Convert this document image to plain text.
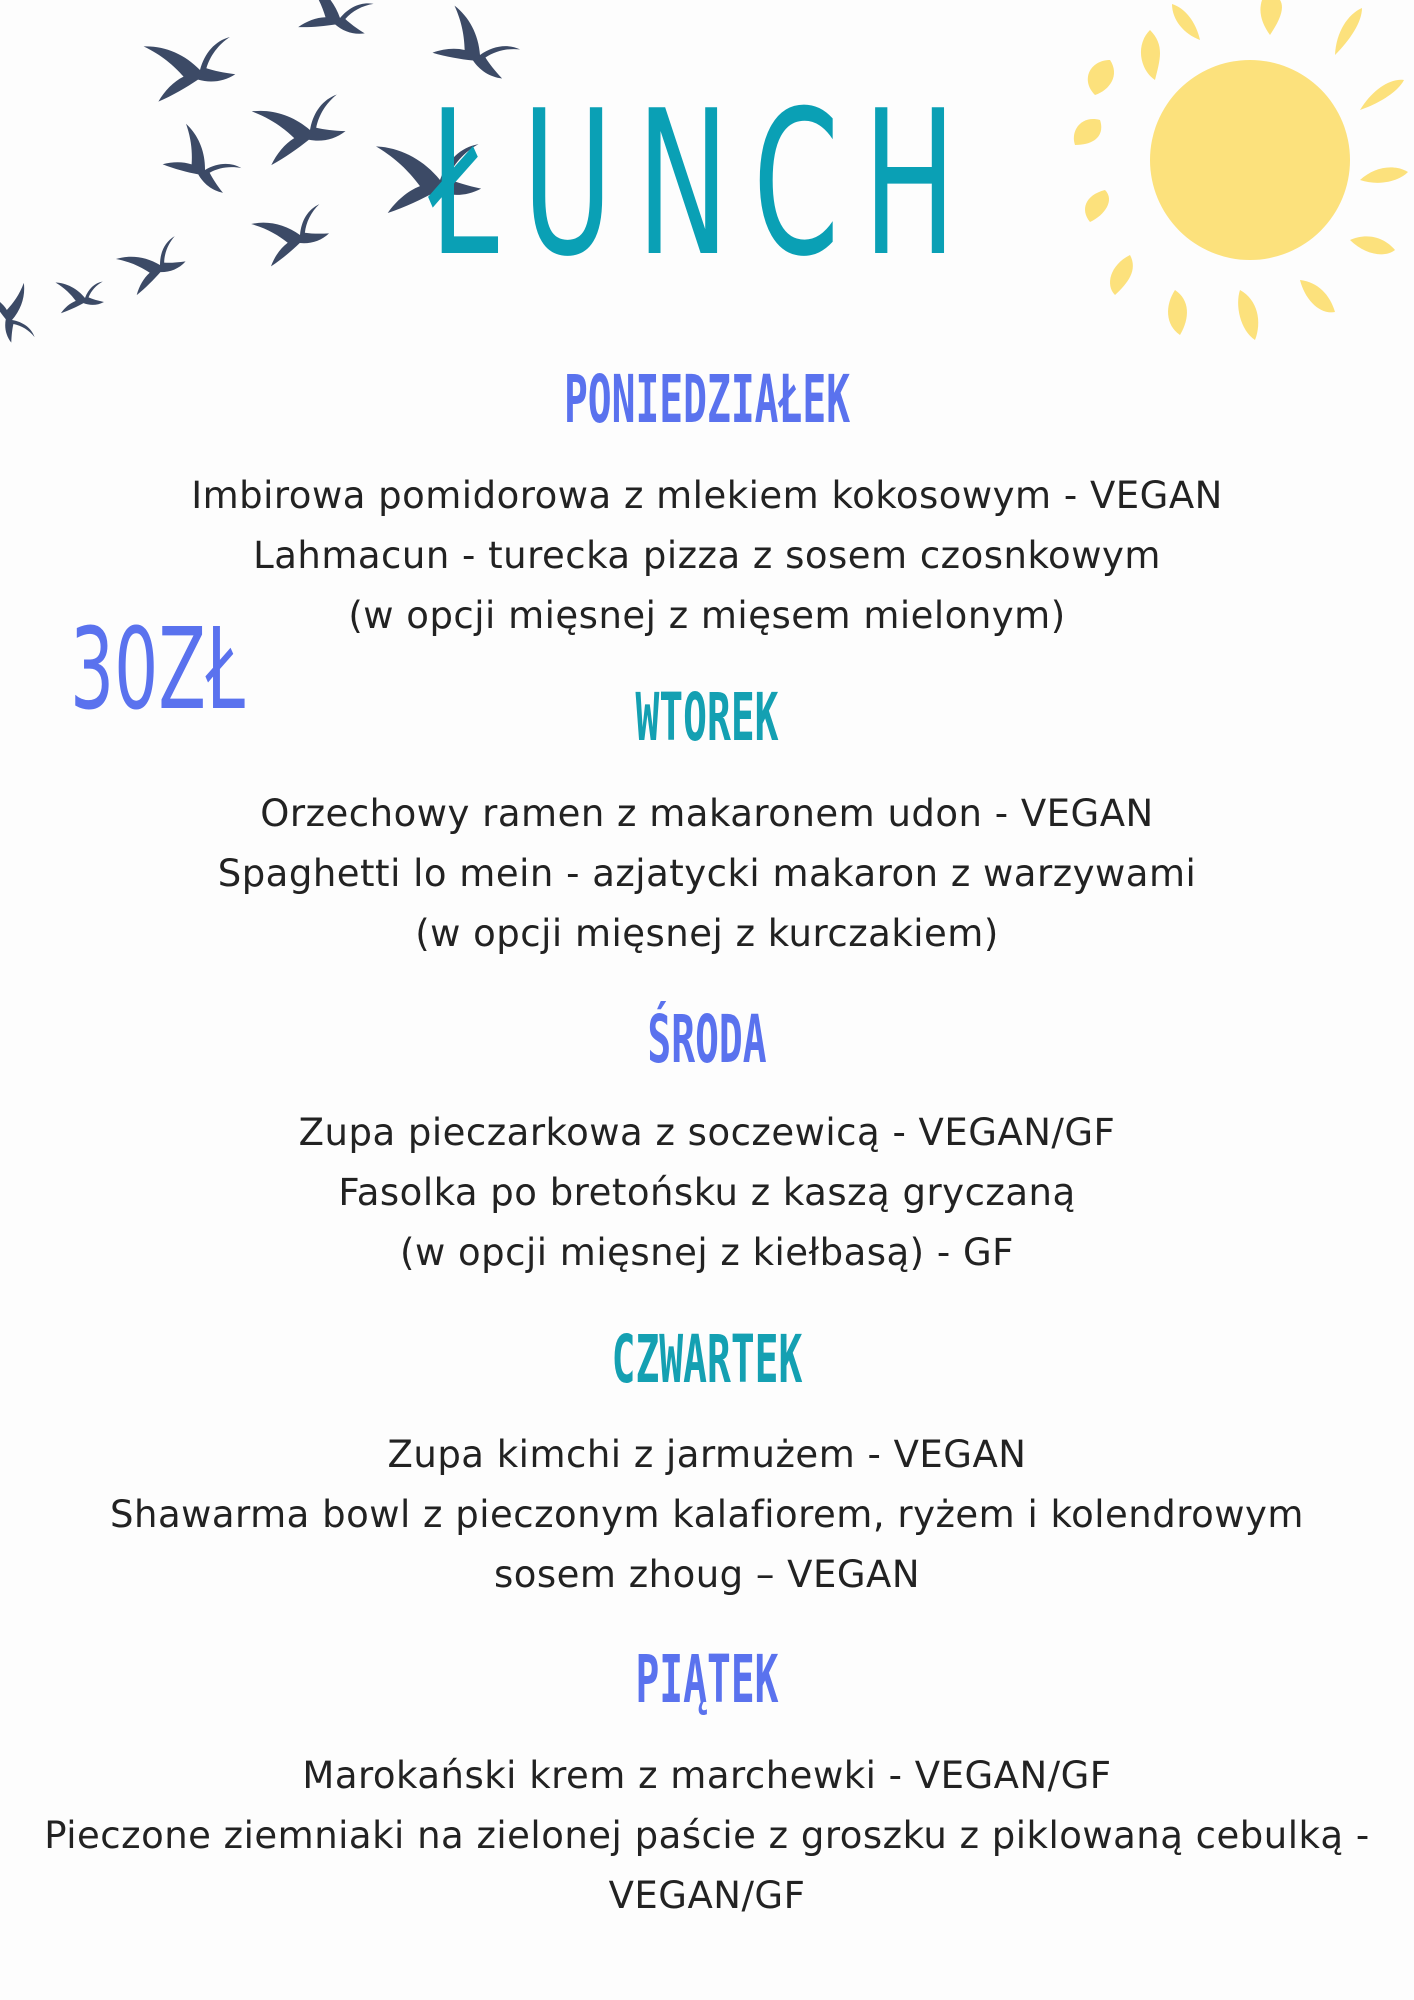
ŁUNCH
30ZŁ
PONIEDZIAŁEK
Imbirowa pomidorowa z mlekiem kokosowym - VEGAN
Lahmacun - turecka pizza z sosem czosnkowym
(w opcji mięsnej z mięsem mielonym)
WTOREK
Orzechowy ramen z makaronem udon - VEGAN
Spaghetti lo mein - azjatycki makaron z warzywami
(w opcji mięsnej z kurczakiem)
ŚRODA
Zupa pieczarkowa z soczewicą - VEGAN/GF
Fasolka po bretońsku z kaszą gryczaną
(w opcji mięsnej z kiełbasą) - GF
CZWARTEK
Zupa kimchi z jarmużem - VEGAN
Shawarma bowl z pieczonym kalafiorem, ryżem i kolendrowym
sosem zhoug – VEGAN
PIĄTEK
Marokański krem z marchewki - VEGAN/GF
Pieczone ziemniaki na zielonej paście z groszku z piklowaną cebulką -
VEGAN/GF
